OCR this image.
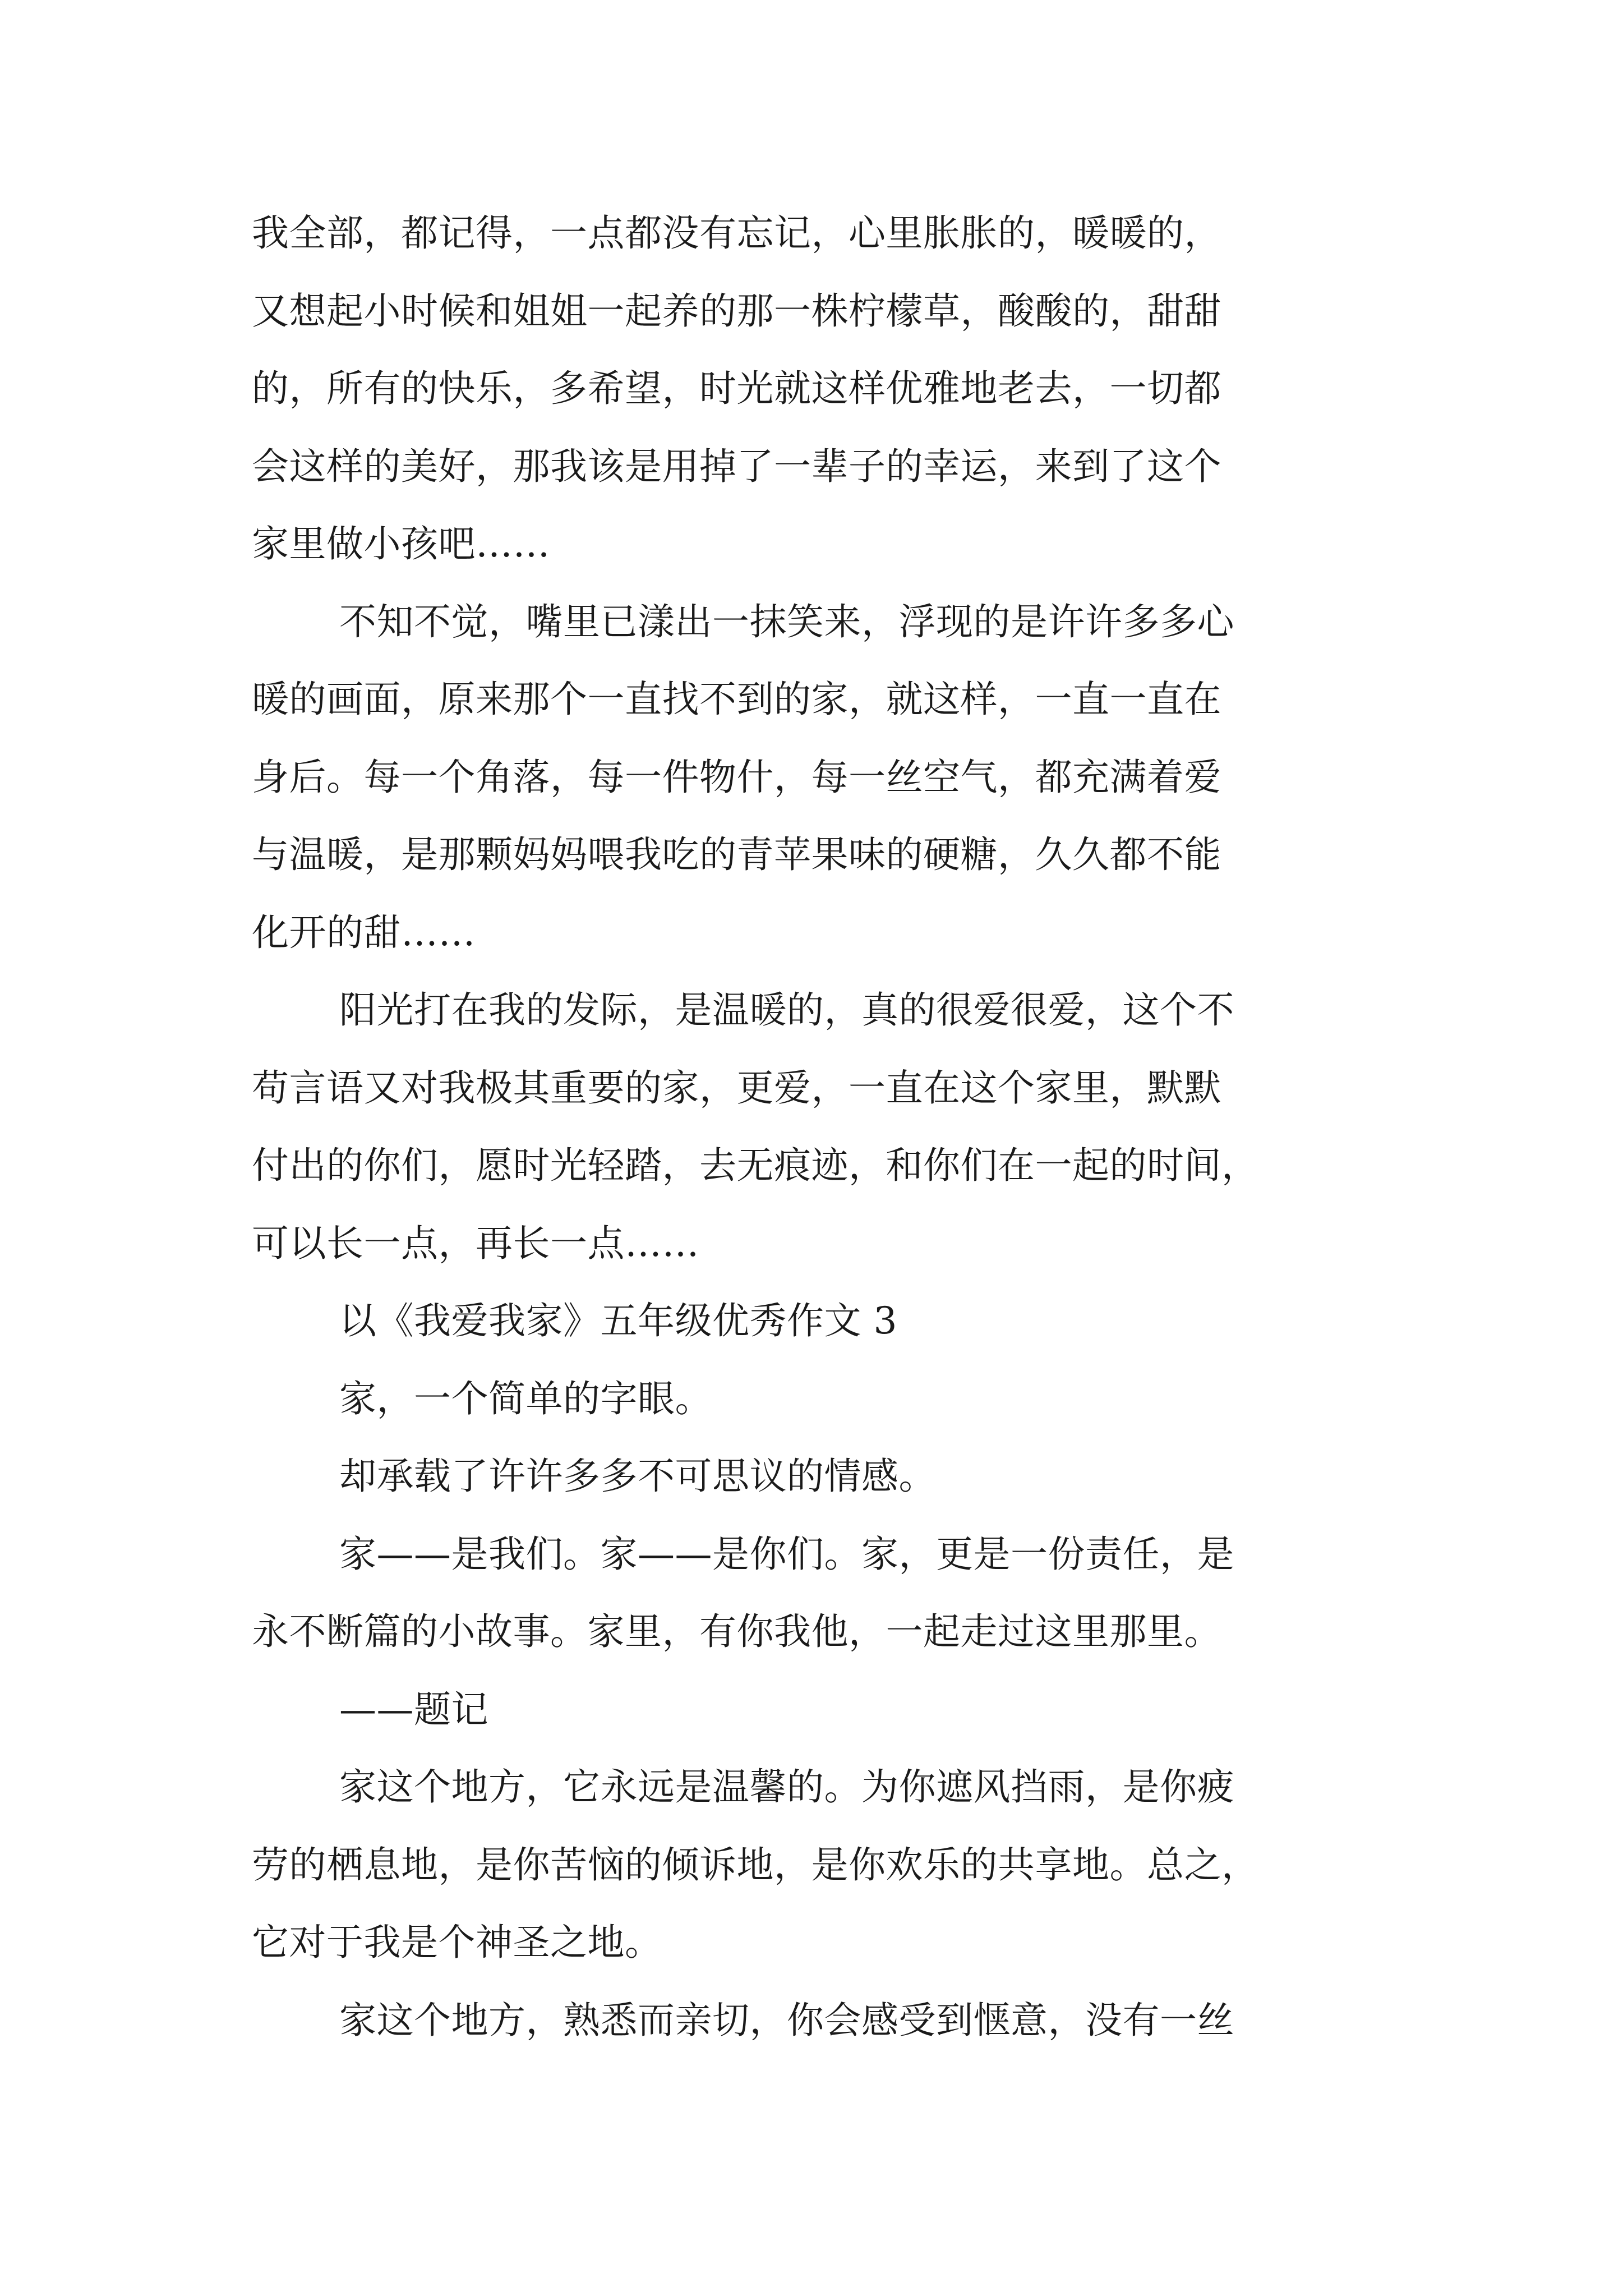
我全部，都记得，一点都没有忘记，心里胀胀的，暖暖的，
又想起小时候和姐姐一起养的那一株柠檬草，酸酸的，甜甜
的，所有的快乐，多希望，时光就这样优雅地老去，一切都
会这样的美好，那我该是用掉了一辈子的幸运，来到了这个
家里做小孩吧……
不知不觉，嘴里已漾出一抹笑来，浮现的是许许多多心
暖的画面，原来那个一直找不到的家，就这样，一直一直在
身后。每一个角落，每一件物什，每一丝空气，都充满着爱
与温暖，是那颗妈妈喂我吃的青苹果味的硬糖，久久都不能
化开的甜……
阳光打在我的发际，是温暖的，真的很爱很爱，这个不
苟言语又对我极其重要的家，更爱，一直在这个家里，默默
付出的你们，愿时光轻踏，去无痕迹，和你们在一起的时间，
可以长一点，再长一点……
以《我爱我家》五年级优秀作文 3
家，一个简单的字眼。
却承载了许许多多不可思议的情感。
家——是我们。家——是你们。家，更是一份责任，是
永不断篇的小故事。家里，有你我他，一起走过这里那里。
——题记
家这个地方，它永远是温馨的。为你遮风挡雨，是你疲
劳的栖息地，是你苦恼的倾诉地，是你欢乐的共享地。总之，
它对于我是个神圣之地。
家这个地方，熟悉而亲切，你会感受到惬意，没有一丝
